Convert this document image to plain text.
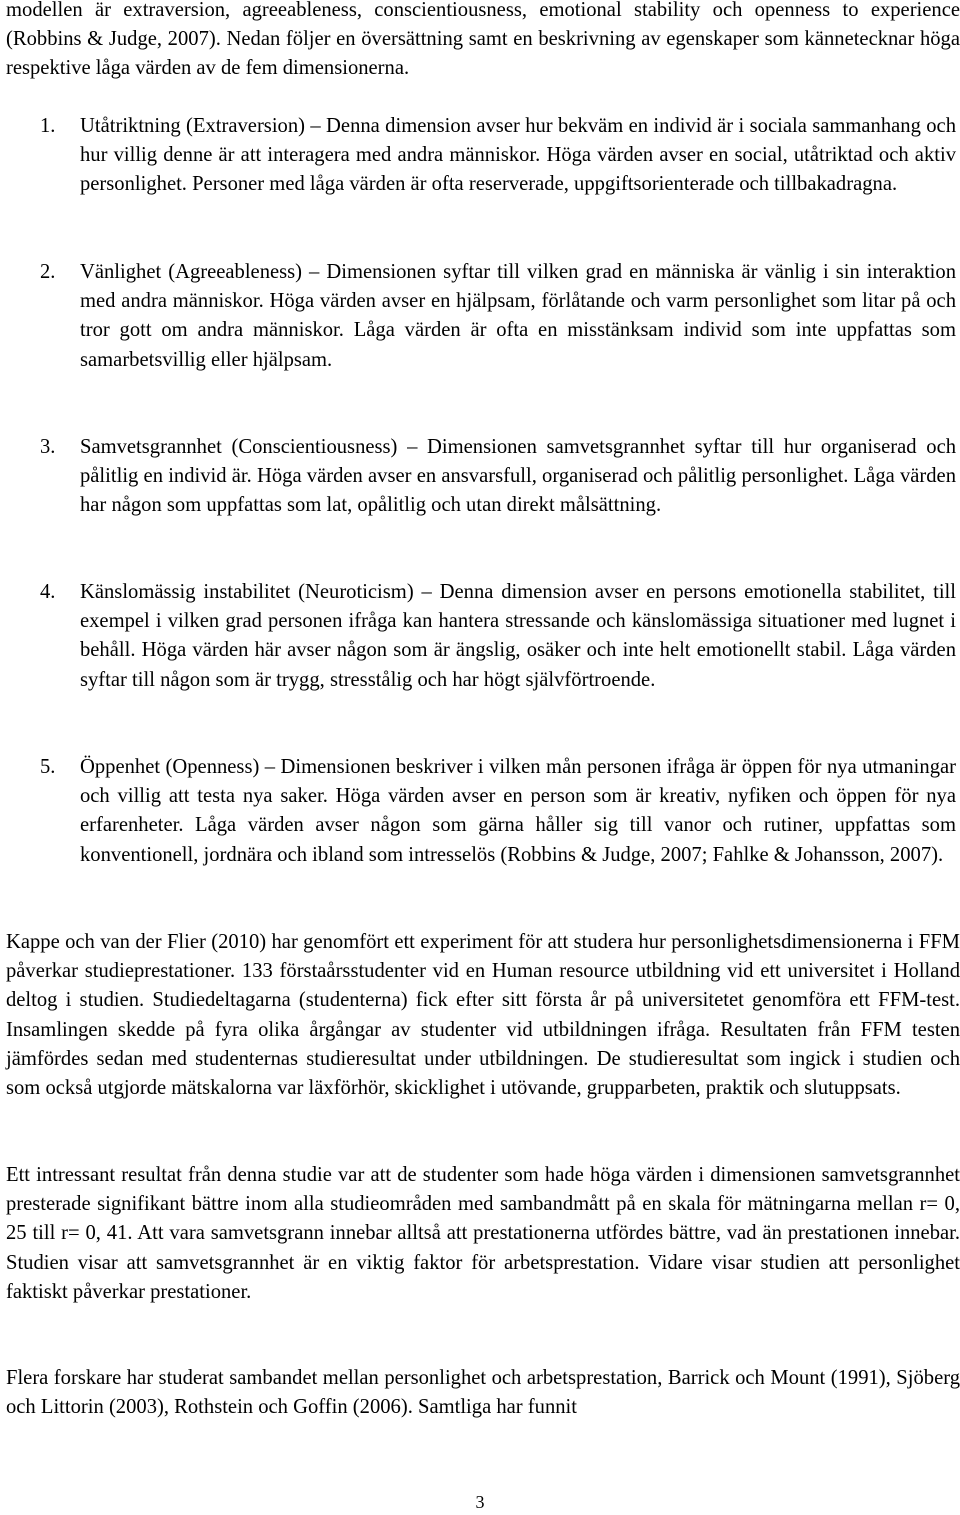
modellen är extraversion, agreeableness, conscientiousness, emotional stability och openness to experience (Robbins & Judge, 2007). Nedan följer en översättning samt en beskrivning av egenskaper som kännetecknar höga respektive låga värden av de fem dimensionerna.

1. Utåtriktning (Extraversion) – Denna dimension avser hur bekväm en individ är i sociala sammanhang och hur villig denne är att interagera med andra människor. Höga värden avser en social, utåtriktad och aktiv personlighet. Personer med låga värden är ofta reserverade, uppgiftsorienterade och tillbakadragna.
2. Vänlighet (Agreeableness) – Dimensionen syftar till vilken grad en människa är vänlig i sin interaktion med andra människor. Höga värden avser en hjälpsam, förlåtande och varm personlighet som litar på och tror gott om andra människor. Låga värden är ofta en misstänksam individ som inte uppfattas som samarbetsvillig eller hjälpsam.
3. Samvetsgrannhet (Conscientiousness) – Dimensionen samvetsgrannhet syftar till hur organiserad och pålitlig en individ är. Höga värden avser en ansvarsfull, organiserad och pålitlig personlighet. Låga värden har någon som uppfattas som lat, opålitlig och utan direkt målsättning.
4. Känslomässig instabilitet (Neuroticism) – Denna dimension avser en persons emotionella stabilitet, till exempel i vilken grad personen ifråga kan hantera stressande och känslomässiga situationer med lugnet i behåll. Höga värden här avser någon som är ängslig, osäker och inte helt emotionellt stabil. Låga värden syftar till någon som är trygg, stresstålig och har högt självförtroende.
5. Öppenhet (Openness) – Dimensionen beskriver i vilken mån personen ifråga är öppen för nya utmaningar och villig att testa nya saker. Höga värden avser en person som är kreativ, nyfiken och öppen för nya erfarenheter. Låga värden avser någon som gärna håller sig till vanor och rutiner, uppfattas som konventionell, jordnära och ibland som intresselös (Robbins & Judge, 2007; Fahlke & Johansson, 2007).

Kappe och van der Flier (2010) har genomfört ett experiment för att studera hur personlighetsdimensionerna i FFM påverkar studieprestationer. 133 förstaårsstudenter vid en Human resource utbildning vid ett universitet i Holland deltog i studien. Studiedeltagarna (studenterna) fick efter sitt första år på universitetet genomföra ett FFM-test. Insamlingen skedde på fyra olika årgångar av studenter vid utbildningen ifråga. Resultaten från FFM testen jämfördes sedan med studenternas studieresultat under utbildningen. De studieresultat som ingick i studien och som också utgjorde mätskalorna var läxförhör, skicklighet i utövande, grupparbeten, praktik och slutuppsats.

Ett intressant resultat från denna studie var att de studenter som hade höga värden i dimensionen samvetsgrannhet presterade signifikant bättre inom alla studieområden med sambandmått på en skala för mätningarna mellan r= 0, 25 till r= 0, 41. Att vara samvetsgrann innebar alltså att prestationerna utfördes bättre, vad än prestationen innebar. Studien visar att samvetsgrannhet är en viktig faktor för arbetsprestation. Vidare visar studien att personlighet faktiskt påverkar prestationer.

Flera forskare har studerat sambandet mellan personlighet och arbetsprestation, Barrick och Mount (1991), Sjöberg och Littorin (2003), Rothstein och Goffin (2006). Samtliga har funnit

3
